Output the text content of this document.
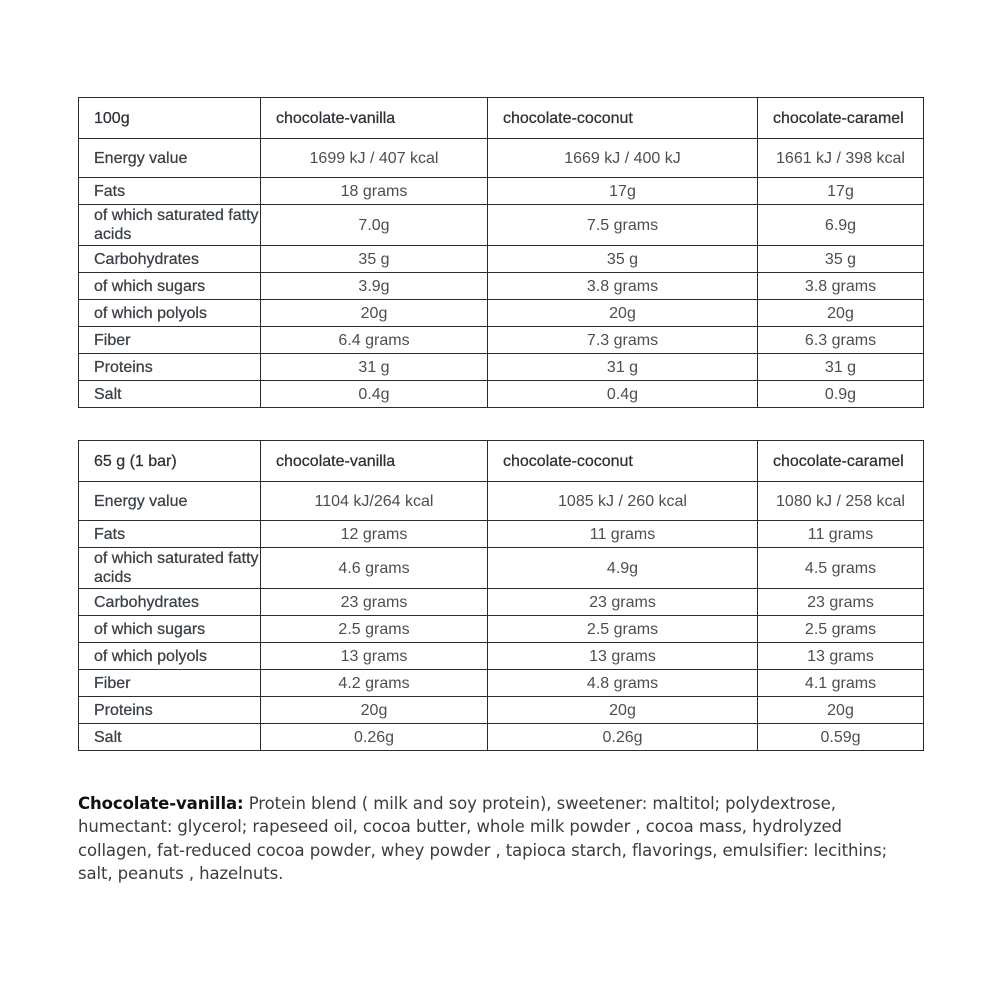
100g	chocolate-vanilla	chocolate-coconut	chocolate-caramel
Energy value	1699 kJ / 407 kcal	1669 kJ / 400 kJ	1661 kJ / 398 kcal
Fats	18 grams	17g	17g
of which saturated fatty acids	7.0g	7.5 grams	6.9g
Carbohydrates	35 g	35 g	35 g
of which sugars	3.9g	3.8 grams	3.8 grams
of which polyols	20g	20g	20g
Fiber	6.4 grams	7.3 grams	6.3 grams
Proteins	31 g	31 g	31 g
Salt	0.4g	0.4g	0.9g
65 g (1 bar)	chocolate-vanilla	chocolate-coconut	chocolate-caramel
Energy value	1104 kJ/264 kcal	1085 kJ / 260 kcal	1080 kJ / 258 kcal
Fats	12 grams	11 grams	11 grams
of which saturated fatty acids	4.6 grams	4.9g	4.5 grams
Carbohydrates	23 grams	23 grams	23 grams
of which sugars	2.5 grams	2.5 grams	2.5 grams
of which polyols	13 grams	13 grams	13 grams
Fiber	4.2 grams	4.8 grams	4.1 grams
Proteins	20g	20g	20g
Salt	0.26g	0.26g	0.59g

Chocolate-vanilla: Protein blend ( milk and soy protein), sweetener: maltitol; polydextrose, humectant: glycerol; rapeseed oil, cocoa butter, whole milk powder , cocoa mass, hydrolyzed collagen, fat-reduced cocoa powder, whey powder , tapioca starch, flavorings, emulsifier: lecithins; salt, peanuts , hazelnuts.
